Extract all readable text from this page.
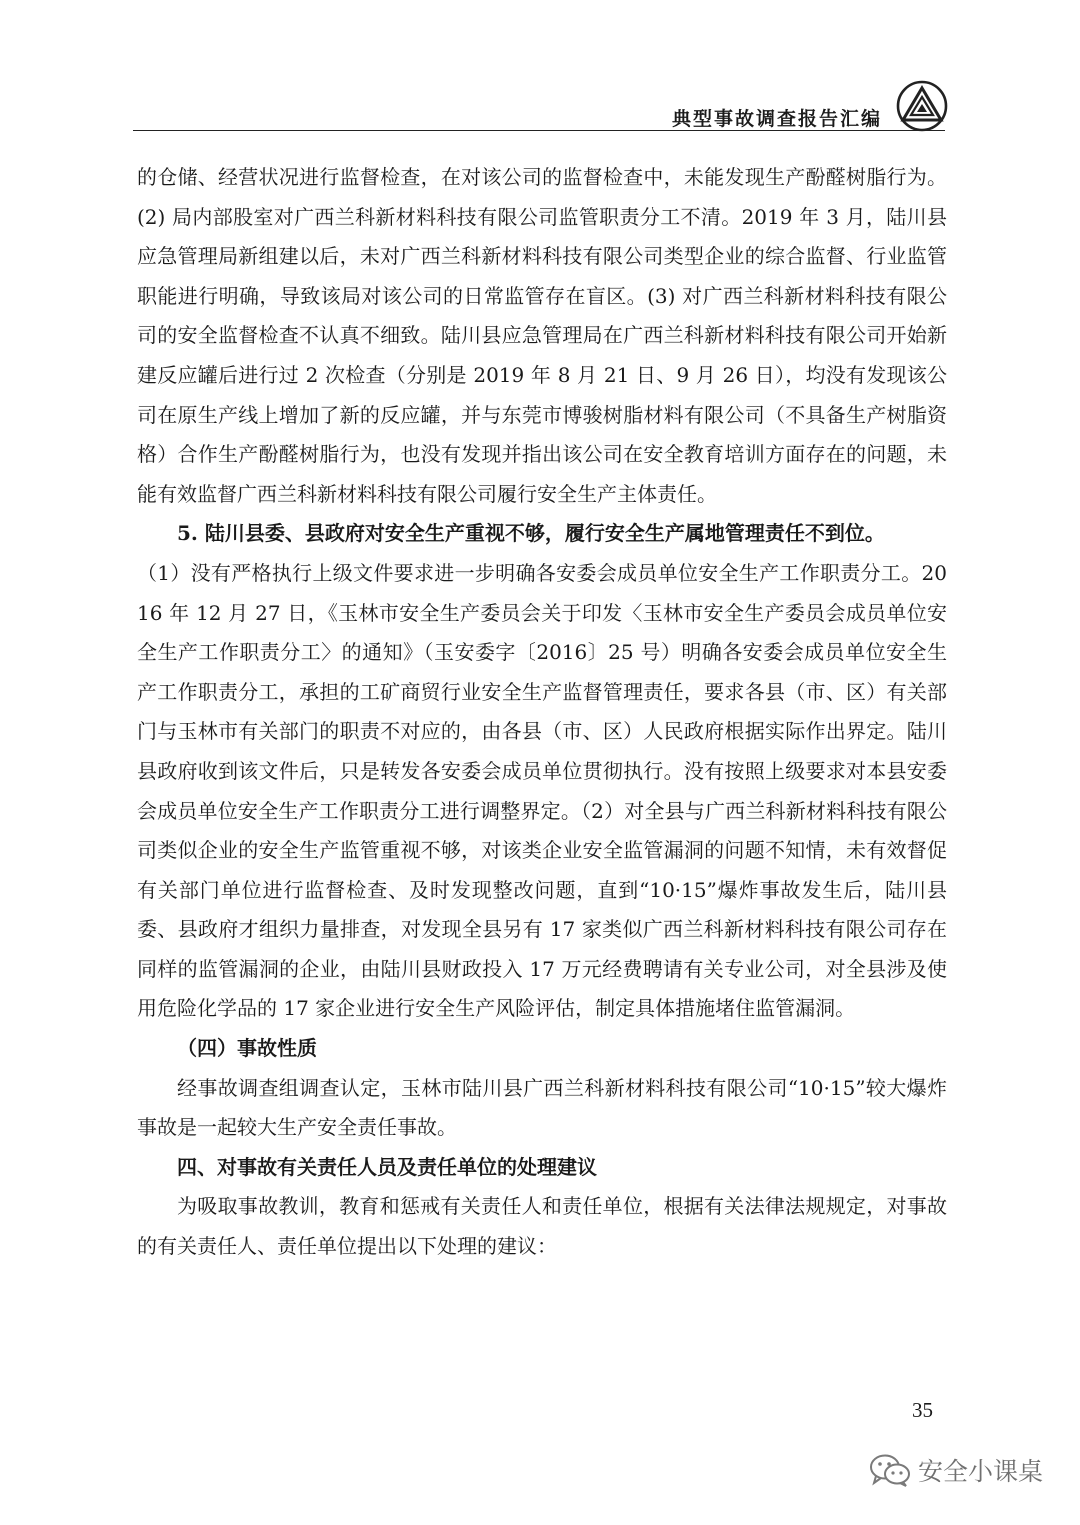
典型事故调查报告汇编

的仓储、经营状况进行监督检查，在对该公司的监督检查中，未能发现生产酚醛树脂行为。(2) 局内部股室对广西兰科新材料科技有限公司监管职责分工不清。2019 年 3 月，陆川县应急管理局新组建以后，未对广西兰科新材料科技有限公司类型企业的综合监督、行业监管职能进行明确，导致该局对该公司的日常监管存在盲区。(3) 对广西兰科新材料科技有限公司的安全监督检查不认真不细致。陆川县应急管理局在广西兰科新材料科技有限公司开始新建反应罐后进行过 2 次检查（分别是 2019 年 8 月 21 日、9 月 26 日），均没有发现该公司在原生产线上增加了新的反应罐，并与东莞市博骏树脂材料有限公司（不具备生产树脂资格）合作生产酚醛树脂行为，也没有发现并指出该公司在安全教育培训方面存在的问题，未能有效监督广西兰科新材料科技有限公司履行安全生产主体责任。

5. 陆川县委、县政府对安全生产重视不够，履行安全生产属地管理责任不到位。

（1）没有严格执行上级文件要求进一步明确各安委会成员单位安全生产工作职责分工。2016 年 12 月 27 日，《玉林市安全生产委员会关于印发〈玉林市安全生产委员会成员单位安全生产工作职责分工〉的通知》（玉安委字〔2016〕25 号）明确各安委会成员单位安全生产工作职责分工，承担的工矿商贸行业安全生产监督管理责任，要求各县（市、区）有关部门与玉林市有关部门的职责不对应的，由各县（市、区）人民政府根据实际作出界定。陆川县政府收到该文件后，只是转发各安委会成员单位贯彻执行。没有按照上级要求对本县安委会成员单位安全生产工作职责分工进行调整界定。（2）对全县与广西兰科新材料科技有限公司类似企业的安全生产监管重视不够，对该类企业安全监管漏洞的问题不知情，未有效督促有关部门单位进行监督检查、及时发现整改问题，直到“10·15”爆炸事故发生后，陆川县委、县政府才组织力量排查，对发现全县另有 17 家类似广西兰科新材料科技有限公司存在同样的监管漏洞的企业，由陆川县财政投入 17 万元经费聘请有关专业公司，对全县涉及使用危险化学品的 17 家企业进行安全生产风险评估，制定具体措施堵住监管漏洞。

（四）事故性质

经事故调查组调查认定，玉林市陆川县广西兰科新材料科技有限公司“10·15”较大爆炸事故是一起较大生产安全责任事故。

四、对事故有关责任人员及责任单位的处理建议

为吸取事故教训，教育和惩戒有关责任人和责任单位，根据有关法律法规规定，对事故的有关责任人、责任单位提出以下处理的建议：

35
安全小课桌
